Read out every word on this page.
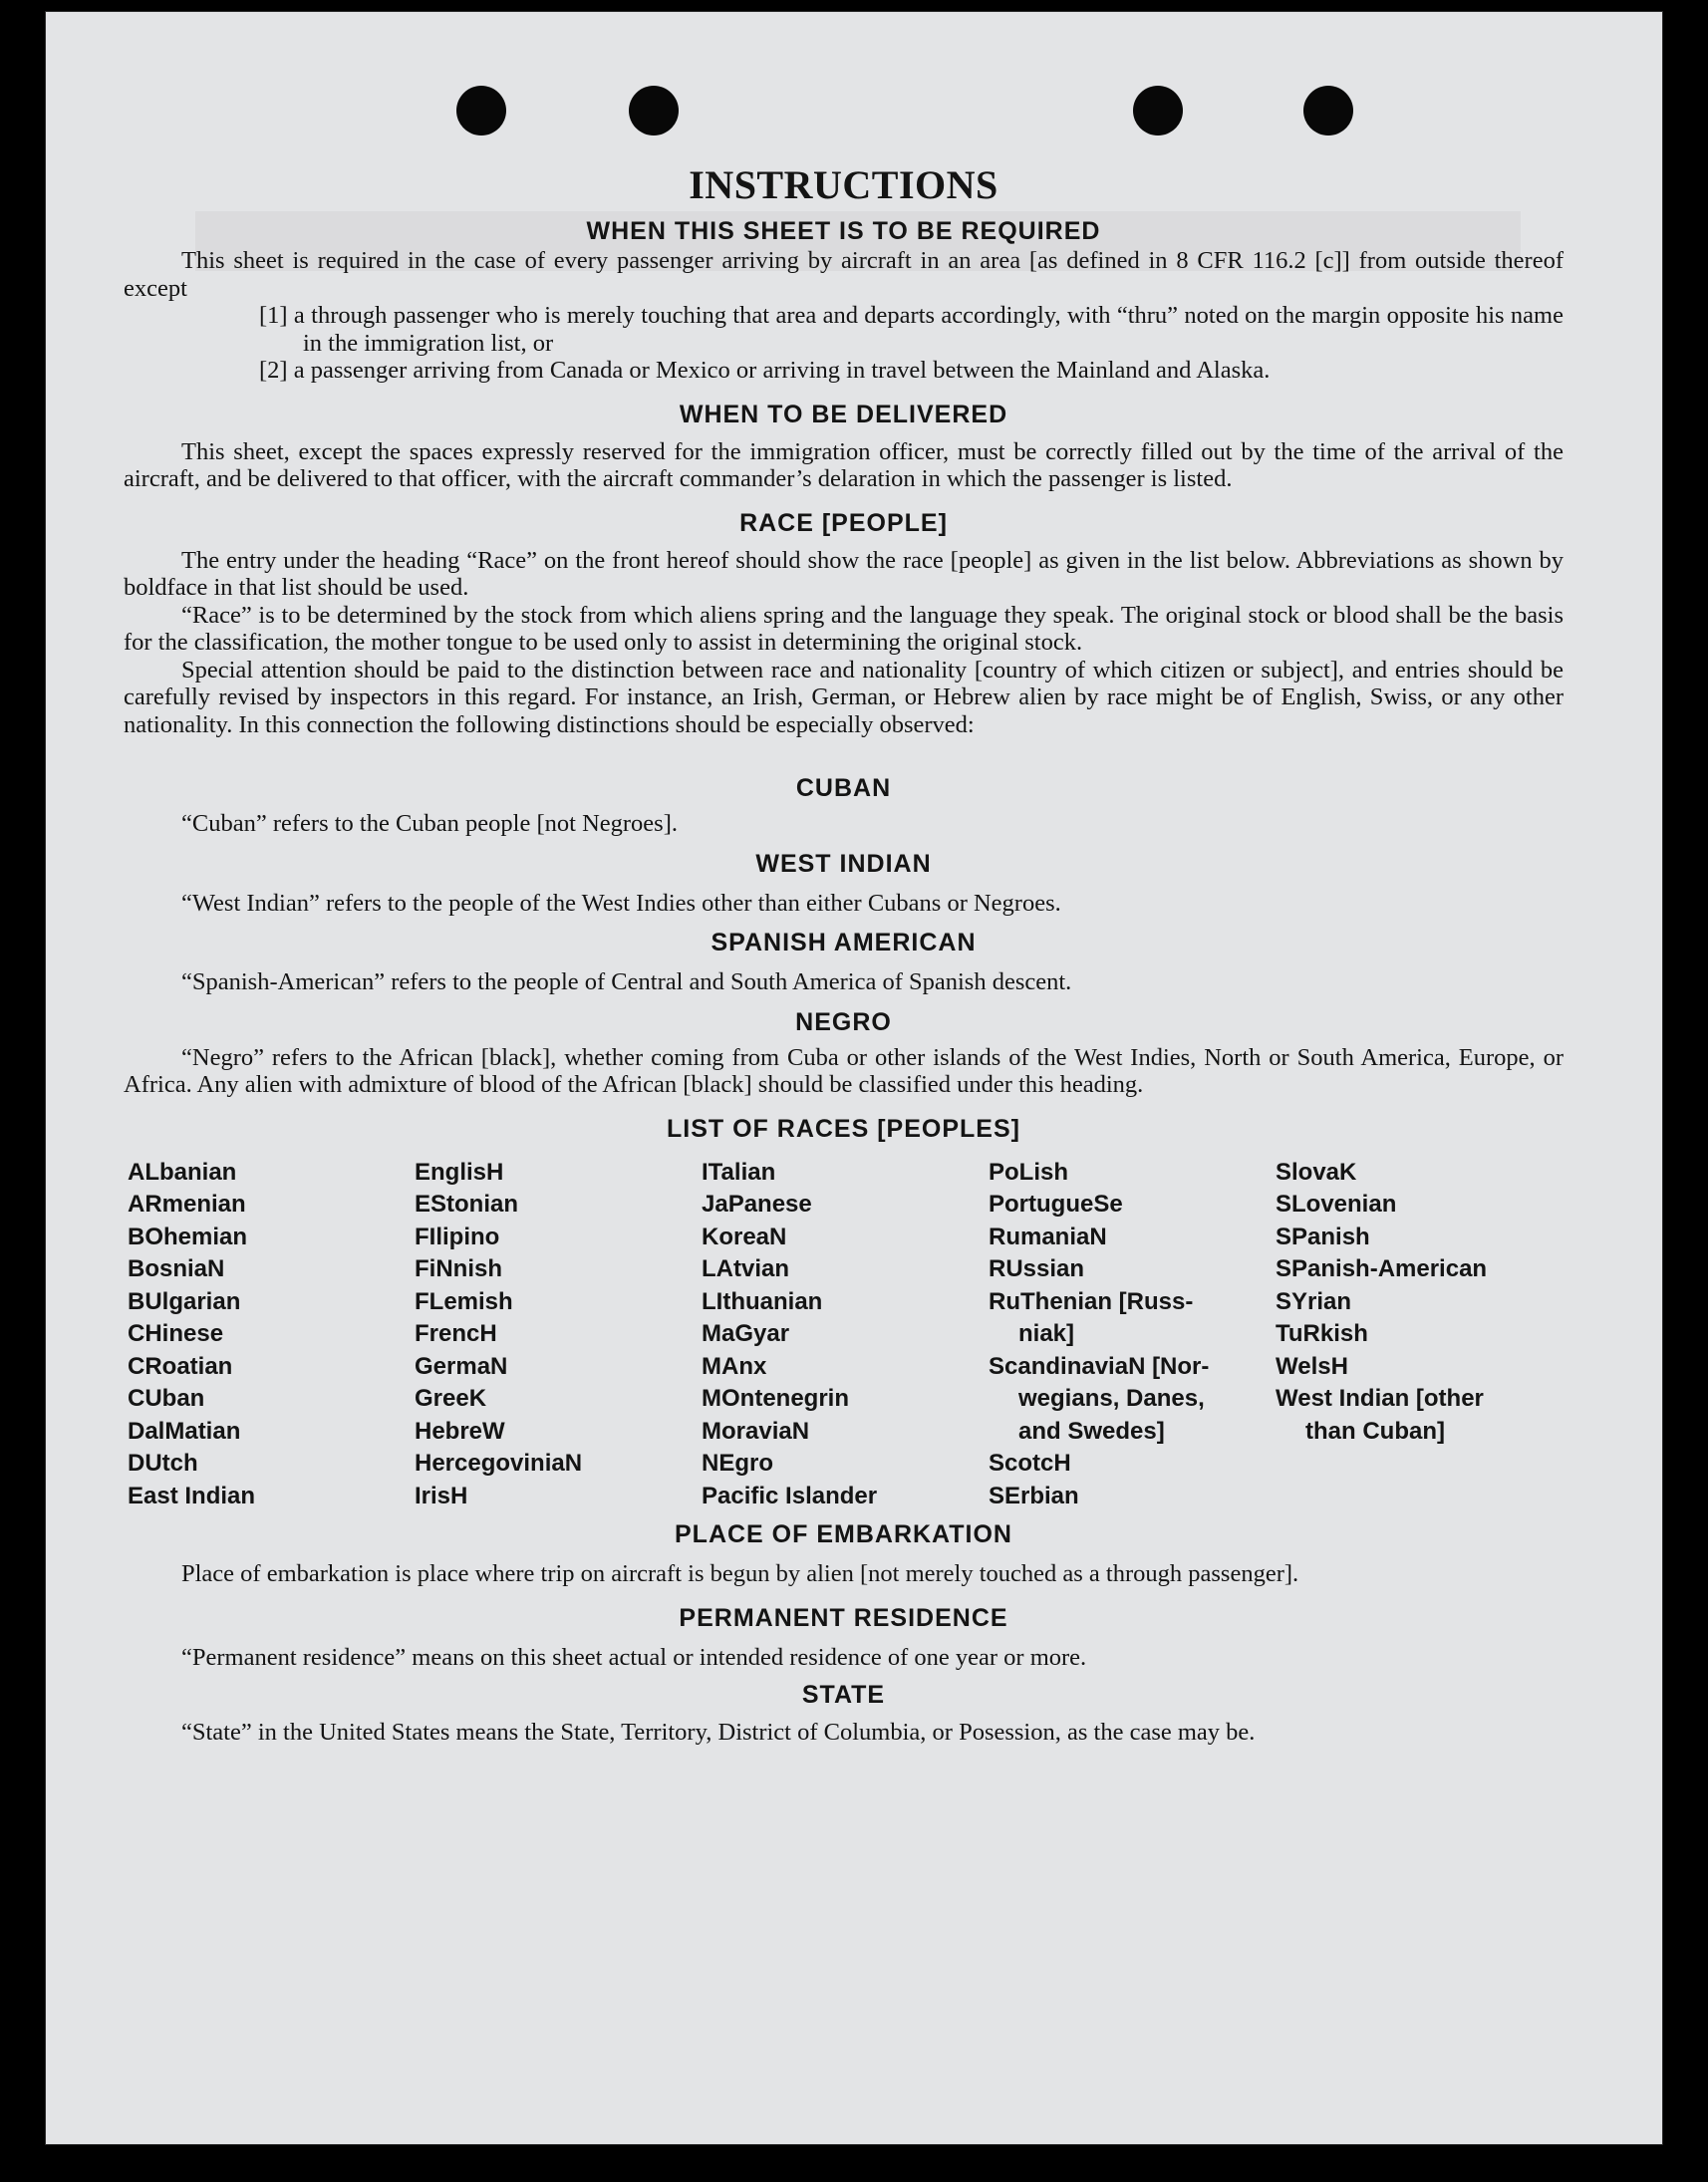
INSTRUCTIONS
WHEN THIS SHEET IS TO BE REQUIRED

This sheet is required in the case of every passenger arriving by aircraft in an area [as defined in 8 CFR 116.2 [c]] from outside thereof except

[1] a through passenger who is merely touching that area and departs accordingly, with “thru” noted on the margin opposite his name in the immigration list, or

[2] a passenger arriving from Canada or Mexico or arriving in travel between the Mainland and Alaska.

WHEN TO BE DELIVERED

This sheet, except the spaces expressly reserved for the immigration officer, must be correctly filled out by the time of the arrival of the aircraft, and be delivered to that officer, with the aircraft commander’s delaration in which the passenger is listed.

RACE [PEOPLE]

The entry under the heading “Race” on the front hereof should show the race [people] as given in the list below. Abbreviations as shown by boldface in that list should be used.

“Race” is to be determined by the stock from which aliens spring and the language they speak. The original stock or blood shall be the basis for the classification, the mother tongue to be used only to assist in determining the original stock.

Special attention should be paid to the distinction between race and nationality [country of which citizen or subject], and entries should be carefully revised by inspectors in this regard. For instance, an Irish, German, or Hebrew alien by race might be of English, Swiss, or any other nationality. In this connection the following distinctions should be especially observed:

CUBAN

“Cuban” refers to the Cuban people [not Negroes].

WEST INDIAN

“West Indian” refers to the people of the West Indies other than either Cubans or Negroes.

SPANISH AMERICAN

“Spanish-American” refers to the people of Central and South America of Spanish descent.

NEGRO

“Negro” refers to the African [black], whether coming from Cuba or other islands of the West Indies, North or South America, Europe, or Africa. Any alien with admixture of blood of the African [black] should be classified under this heading.

LIST OF RACES [PEOPLES]
ALbanian
ARmenian
BOhemian
BosniaN
BUlgarian
CHinese
CRoatian
CUban
DalMatian
DUtch
East Indian
EnglisH
EStonian
FIlipino
FiNnish
FLemish
FrencH
GermaN
GreeK
HebreW
HercegoviniaN
IrisH
ITalian
JaPanese
KoreaN
LAtvian
LIthuanian
MaGyar
MAnx
MOntenegrin
MoraviaN
NEgro
Pacific Islander
PoLish
PortugueSe
RumaniaN
RUssian
RuThenian [Russ-
niak]
ScandinaviaN [Nor-
wegians, Danes,
and Swedes]
ScotcH
SErbian
SlovaK
SLovenian
SPanish
SPanish-American
SYrian
TuRkish
WelsH
West Indian [other
than Cuban]
PLACE OF EMBARKATION

Place of embarkation is place where trip on aircraft is begun by alien [not merely touched as a through passenger].

PERMANENT RESIDENCE

“Permanent residence” means on this sheet actual or intended residence of one year or more.

STATE

“State” in the United States means the State, Territory, District of Columbia, or Posession, as the case may be.
